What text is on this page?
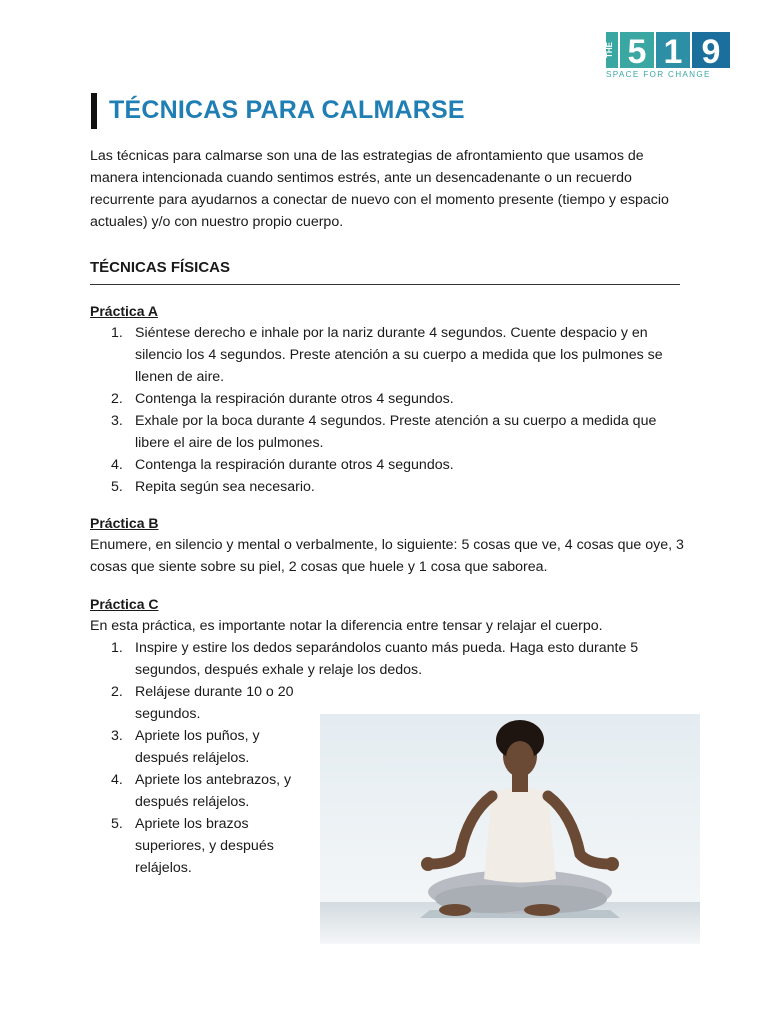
THE 5 1 9
SPACE FOR CHANGE
TÉCNICAS PARA CALMARSE

Las técnicas para calmarse son una de las estrategias de afrontamiento que usamos de manera intencionada cuando sentimos estrés, ante un desencadenante o un recuerdo recurrente para ayudarnos a conectar de nuevo con el momento presente (tiempo y espacio actuales) y/o con nuestro propio cuerpo.

TÉCNICAS FÍSICAS

Práctica A

1. Siéntese derecho e inhale por la nariz durante 4 segundos. Cuente despacio y en silencio los 4 segundos. Preste atención a su cuerpo a medida que los pulmones se llenen de aire.
2. Contenga la respiración durante otros 4 segundos.
3. Exhale por la boca durante 4 segundos. Preste atención a su cuerpo a medida que libere el aire de los pulmones.
4. Contenga la respiración durante otros 4 segundos.
5. Repita según sea necesario.

Práctica B

Enumere, en silencio y mental o verbalmente, lo siguiente: 5 cosas que ve, 4 cosas que oye, 3 cosas que siente sobre su piel, 2 cosas que huele y 1 cosa que saborea.

Práctica C

En esta práctica, es importante notar la diferencia entre tensar y relajar el cuerpo.

1. Inspire y estire los dedos separándolos cuanto más pueda. Haga esto durante 5
segundos, después exhale y relaje los dedos.
2. Relájese durante 10 o 20
segundos.
3. Apriete los puños, y
después relájelos.
4. Apriete los antebrazos, y
después relájelos.
5. Apriete los brazos
superiores, y después
relájelos.
